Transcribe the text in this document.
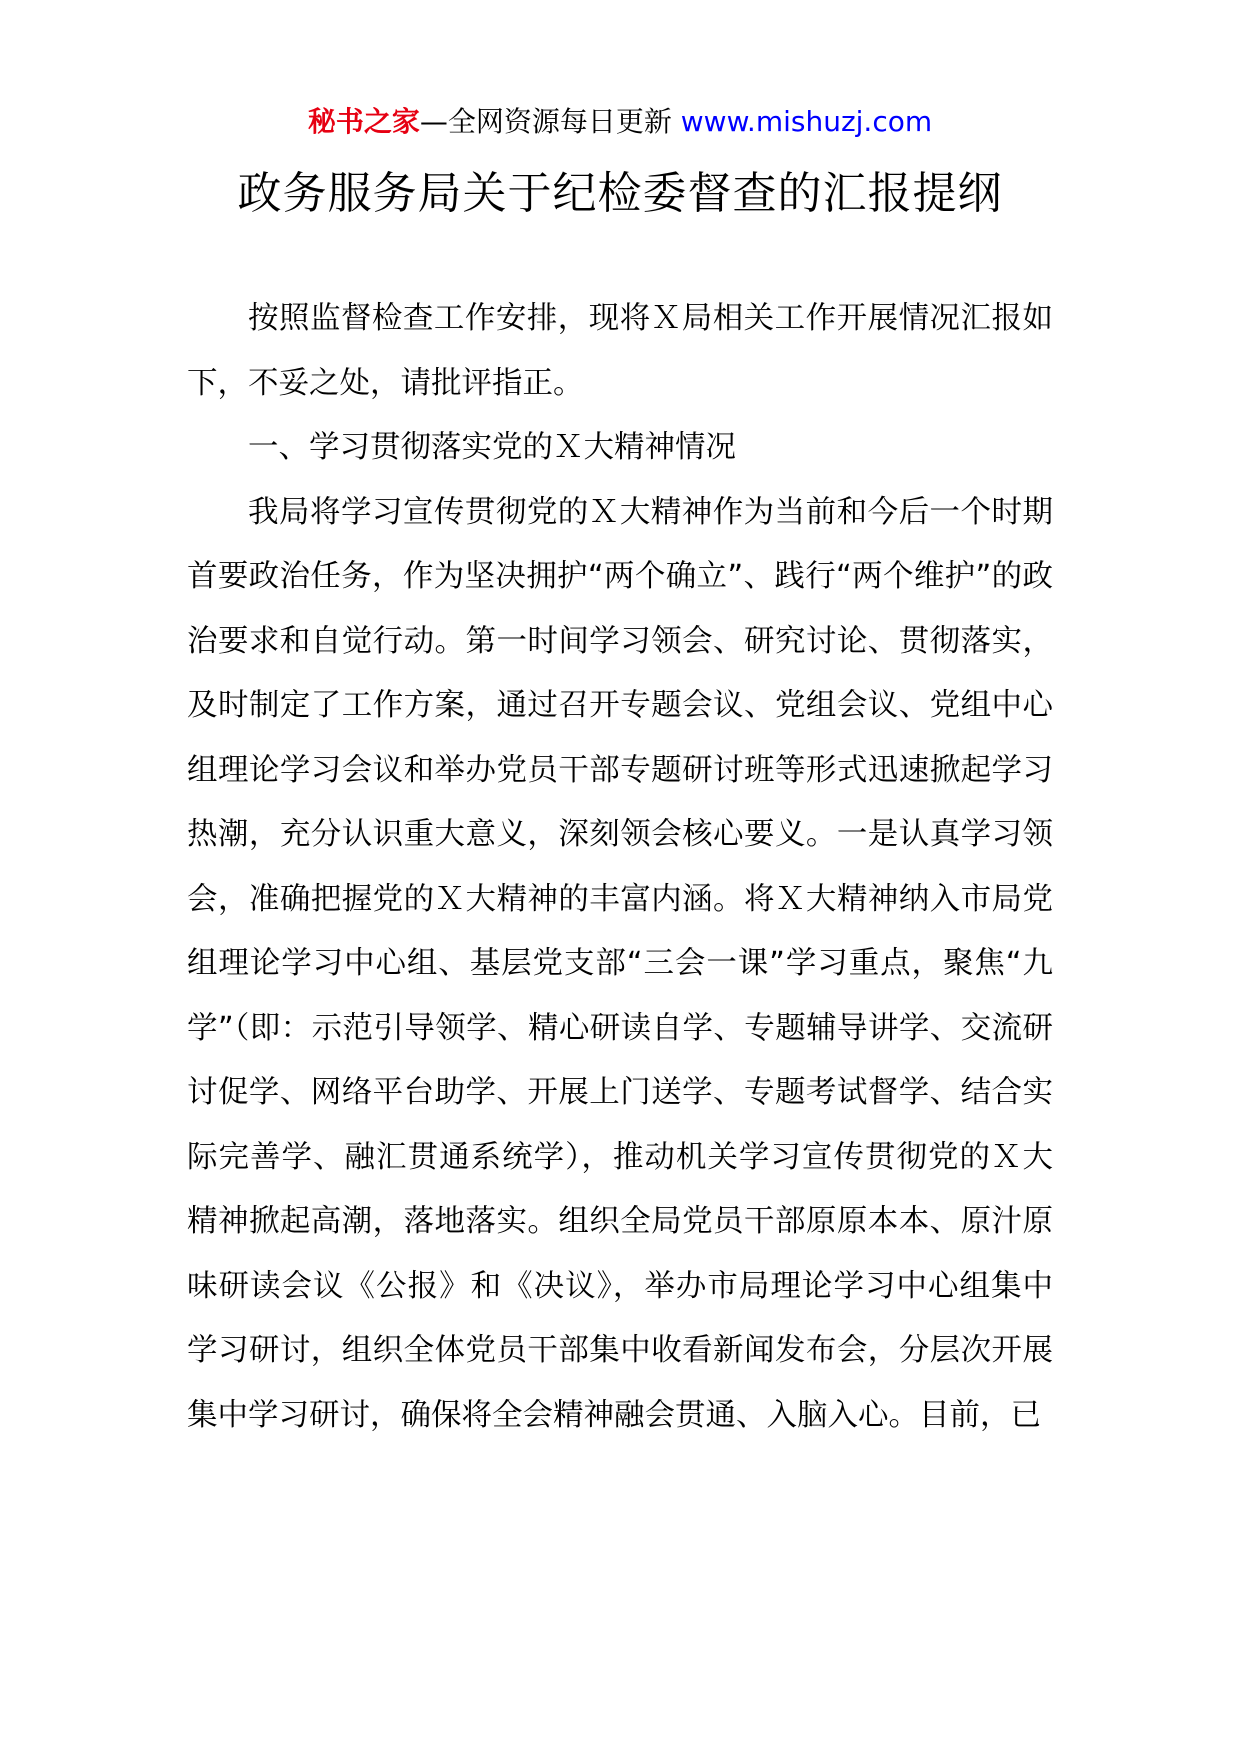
秘书之家—全网资源每日更新 www.mishuzj.com
政务服务局关于纪检委督查的汇报提纲

按照监督检查工作安排，现将Ｘ局相关工作开展情况汇报如下，不妥之处，请批评指正。

一、学习贯彻落实党的Ｘ大精神情况

我局将学习宣传贯彻党的Ｘ大精神作为当前和今后一个时期首要政治任务，作为坚决拥护“两个确立”、践行“两个维护”的政治要求和自觉行动。第一时间学习领会、研究讨论、贯彻落实，及时制定了工作方案，通过召开专题会议、党组会议、党组中心组理论学习会议和举办党员干部专题研讨班等形式迅速掀起学习热潮，充分认识重大意义，深刻领会核心要义。一是认真学习领会，准确把握党的Ｘ大精神的丰富内涵。将Ｘ大精神纳入市局党组理论学习中心组、基层党支部“三会一课”学习重点，聚焦“九学”（即：示范引导领学、精心研读自学、专题辅导讲学、交流研讨促学、网络平台助学、开展上门送学、专题考试督学、结合实际完善学、融汇贯通系统学），推动机关学习宣传贯彻党的Ｘ大精神掀起高潮，落地落实。组织全局党员干部原原本本、原汁原味研读会议《公报》和《决议》，举办市局理论学习中心组集中学习研讨，组织全体党员干部集中收看新闻发布会，分层次开展集中学习研讨，确保将全会精神融会贯通、入脑入心。目前，已
